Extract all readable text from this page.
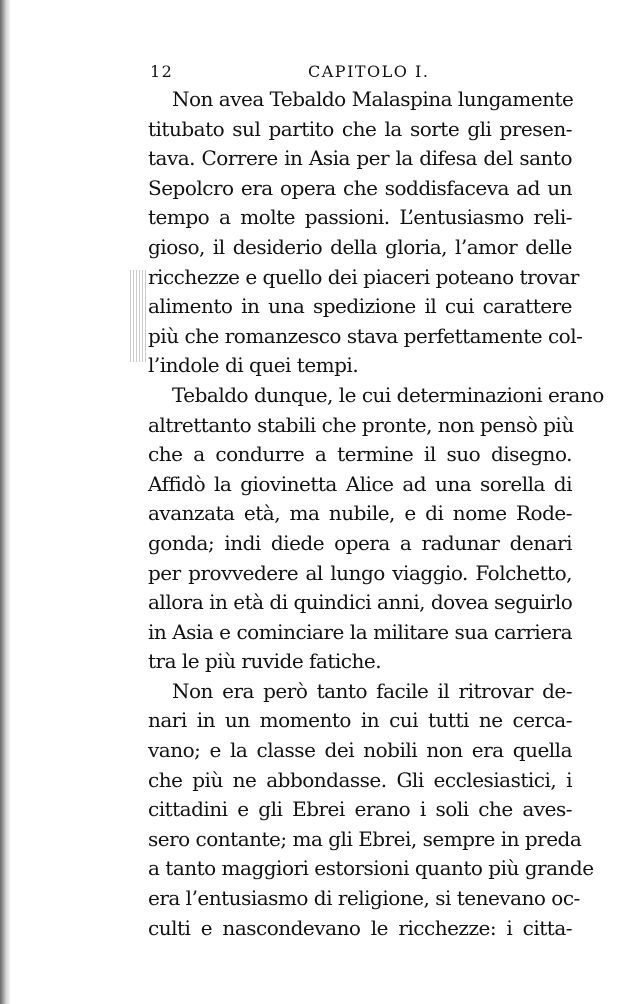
12	CAPITOLO I.
Non avea Tebaldo Malaspina lungamente
titubato sul partito che la sorte gli presen-
tava. Correre in Asia per la difesa del santo
Sepolcro era opera che soddisfaceva ad un
tempo a molte passioni. L’entusiasmo reli-
gioso, il desiderio della gloria, l’amor delle
ricchezze e quello dei piaceri poteano trovar
alimento in una spedizione il cui carattere
più che romanzesco stava perfettamente col-
l’indole di quei tempi.
Tebaldo dunque, le cui determinazioni erano
altrettanto stabili che pronte, non pensò più
che a condurre a termine il suo disegno.
Affidò la giovinetta Alice ad una sorella di
avanzata età, ma nubile, e di nome Rode-
gonda; indi diede opera a radunar denari
per provvedere al lungo viaggio. Folchetto,
allora in età di quindici anni, dovea seguirlo
in Asia e cominciare la militare sua carriera
tra le più ruvide fatiche.
Non era però tanto facile il ritrovar de-
nari in un momento in cui tutti ne cerca-
vano; e la classe dei nobili non era quella
che più ne abbondasse. Gli ecclesiastici, i
cittadini e gli Ebrei erano i soli che aves-
sero contante; ma gli Ebrei, sempre in preda
a tanto maggiori estorsioni quanto più grande
era l’entusiasmo di religione, si tenevano oc-
culti e nascondevano le ricchezze: i citta-
